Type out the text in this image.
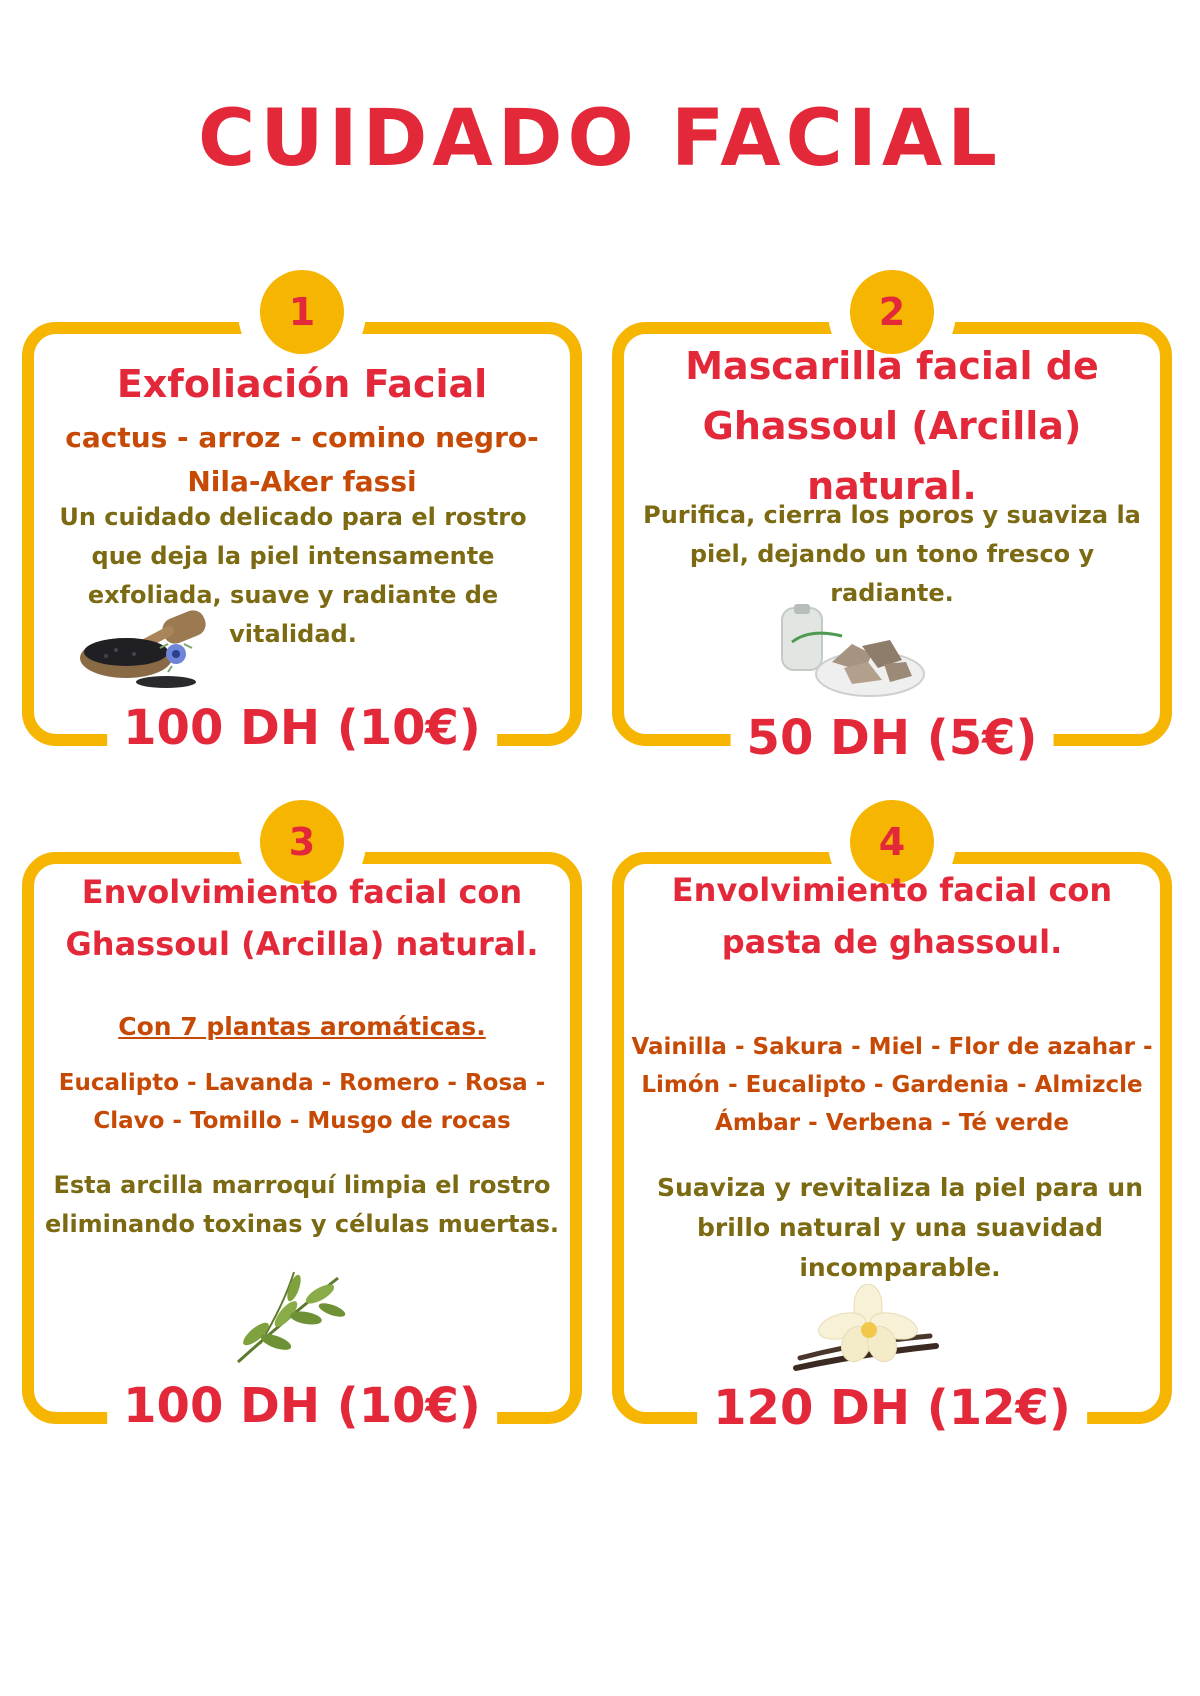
CUIDADO FACIAL
1
Exfoliación Facial
cactus - arroz - comino negro- Nila-Aker fassi
Un cuidado delicado para el rostro que deja la piel intensamente exfoliada, suave y radiante de vitalidad.
100 DH (10€)
2
Mascarilla facial de Ghassoul (Arcilla) natural.
Purifica, cierra los poros y suaviza la piel, dejando un tono fresco y radiante.
50 DH (5€)
3
Envolvimiento facial con Ghassoul (Arcilla) natural.
Con 7 plantas aromáticas.
Eucalipto - Lavanda - Romero - Rosa - Clavo - Tomillo - Musgo de rocas
Esta arcilla marroquí limpia el rostro eliminando toxinas y células muertas.
100 DH (10€)
4
Envolvimiento facial con pasta de ghassoul.
Vainilla - Sakura - Miel - Flor de azahar - Limón - Eucalipto - Gardenia - Almizcle Ámbar - Verbena - Té verde
Suaviza y revitaliza la piel para un brillo natural y una suavidad incomparable.
120 DH (12€)
